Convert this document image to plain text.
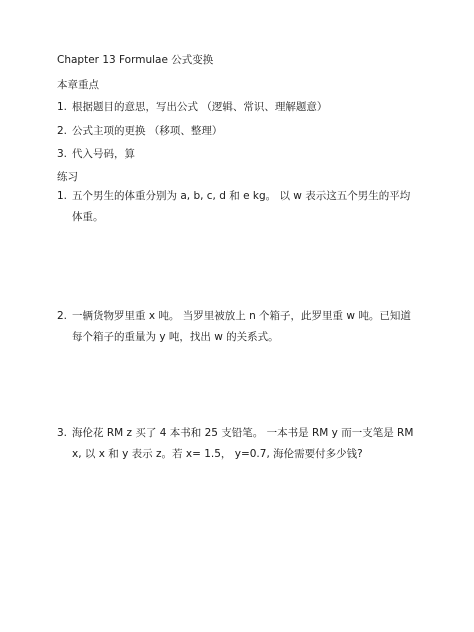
Chapter 13 Formulae 公式变换
本章重点
1. 根据题目的意思，写出公式 （逻辑、常识、理解题意）
2. 公式主项的更换 （移项、整理）
3. 代入号码，算
练习
1. 五个男生的体重分别为 a, b, c, d 和 e kg。 以 w 表示这五个男生的平均体重。
2. 一辆货物罗里重 x 吨。 当罗里被放上 n 个箱子，此罗里重 w 吨。已知道每个箱子的重量为 y 吨，找出 w 的关系式。
3. 海伦花 RM z 买了 4 本书和 25 支铅笔。 一本书是 RM y 而一支笔是 RM x, 以 x 和 y 表示 z。若 x= 1.5， y=0.7, 海伦需要付多少钱?
